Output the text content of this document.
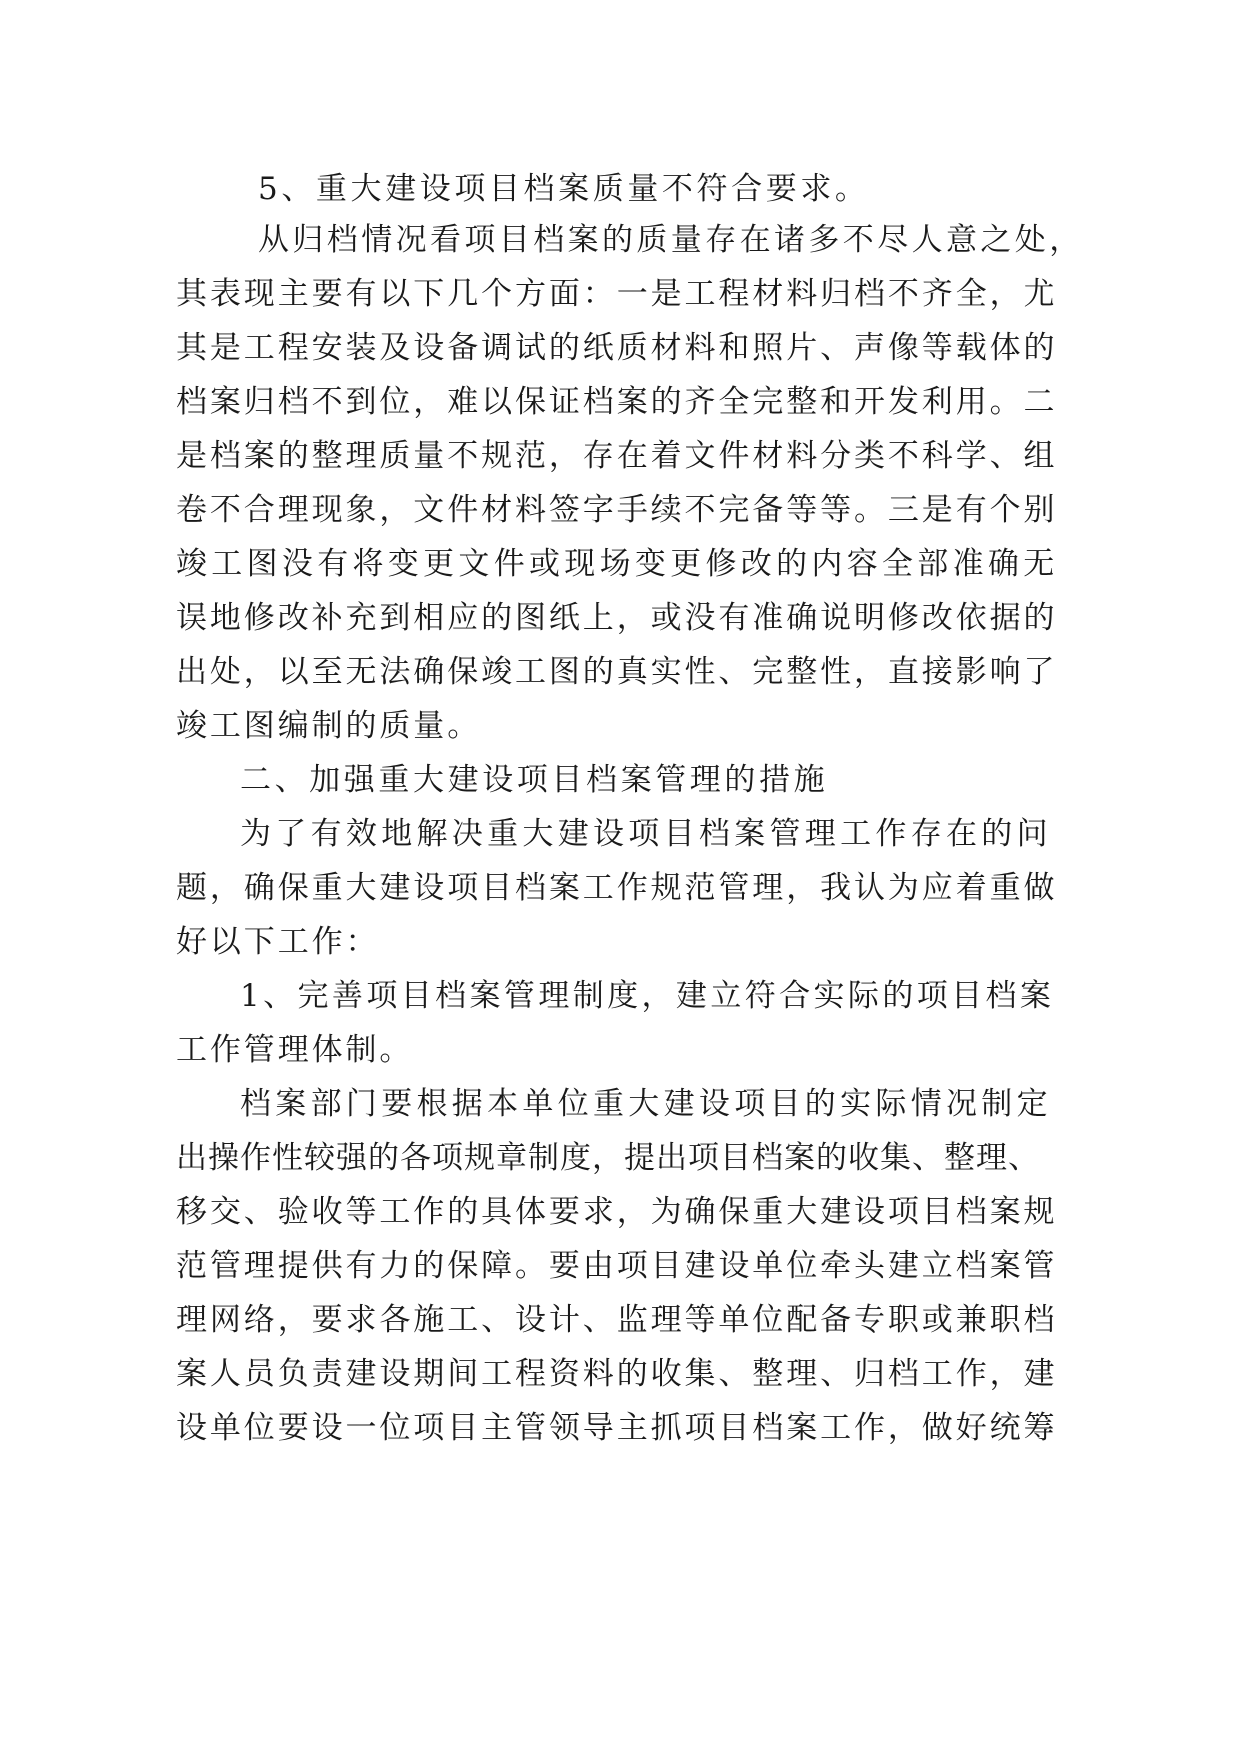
5、重大建设项目档案质量不符合要求。
从归档情况看项目档案的质量存在诸多不尽人意之处，
其表现主要有以下几个方面：一是工程材料归档不齐全，尤
其是工程安装及设备调试的纸质材料和照片、声像等载体的
档案归档不到位，难以保证档案的齐全完整和开发利用。二
是档案的整理质量不规范，存在着文件材料分类不科学、组
卷不合理现象，文件材料签字手续不完备等等。三是有个别
竣工图没有将变更文件或现场变更修改的内容全部准确无
误地修改补充到相应的图纸上，或没有准确说明修改依据的
出处，以至无法确保竣工图的真实性、完整性，直接影响了
竣工图编制的质量。
二、加强重大建设项目档案管理的措施
为了有效地解决重大建设项目档案管理工作存在的问
题，确保重大建设项目档案工作规范管理，我认为应着重做
好以下工作：
1、完善项目档案管理制度，建立符合实际的项目档案
工作管理体制。
档案部门要根据本单位重大建设项目的实际情况制定
出操作性较强的各项规章制度，提出项目档案的收集、整理、
移交、验收等工作的具体要求，为确保重大建设项目档案规
范管理提供有力的保障。要由项目建设单位牵头建立档案管
理网络，要求各施工、设计、监理等单位配备专职或兼职档
案人员负责建设期间工程资料的收集、整理、归档工作，建
设单位要设一位项目主管领导主抓项目档案工作，做好统筹
